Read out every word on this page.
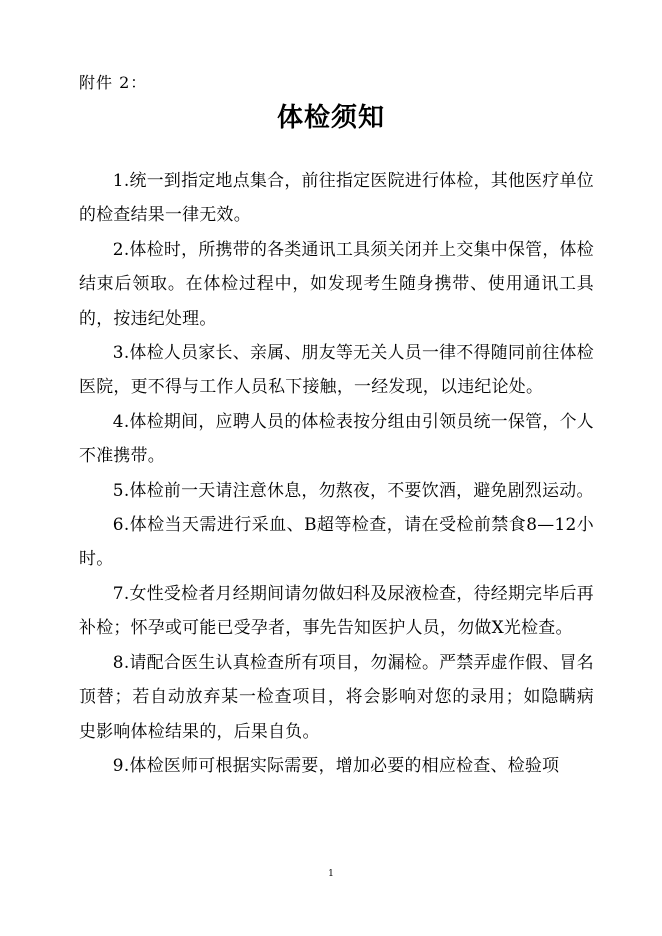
附件 2：
体检须知

1.统一到指定地点集合，前往指定医院进行体检，其他医疗单位的检查结果一律无效。

2.体检时，所携带的各类通讯工具须关闭并上交集中保管，体检结束后领取。在体检过程中，如发现考生随身携带、使用通讯工具的，按违纪处理。

3.体检人员家长、亲属、朋友等无关人员一律不得随同前往体检医院，更不得与工作人员私下接触，一经发现，以违纪论处。

4.体检期间，应聘人员的体检表按分组由引领员统一保管，个人不准携带。

5.体检前一天请注意休息，勿熬夜，不要饮酒，避免剧烈运动。

6.体检当天需进行采血、B超等检查，请在受检前禁食8—12小时。

7.女性受检者月经期间请勿做妇科及尿液检查，待经期完毕后再补检；怀孕或可能已受孕者，事先告知医护人员，勿做X光检查。

8.请配合医生认真检查所有项目，勿漏检。严禁弄虚作假、冒名顶替；若自动放弃某一检查项目，将会影响对您的录用；如隐瞒病史影响体检结果的，后果自负。

9.体检医师可根据实际需要，增加必要的相应检查、检验项

1
